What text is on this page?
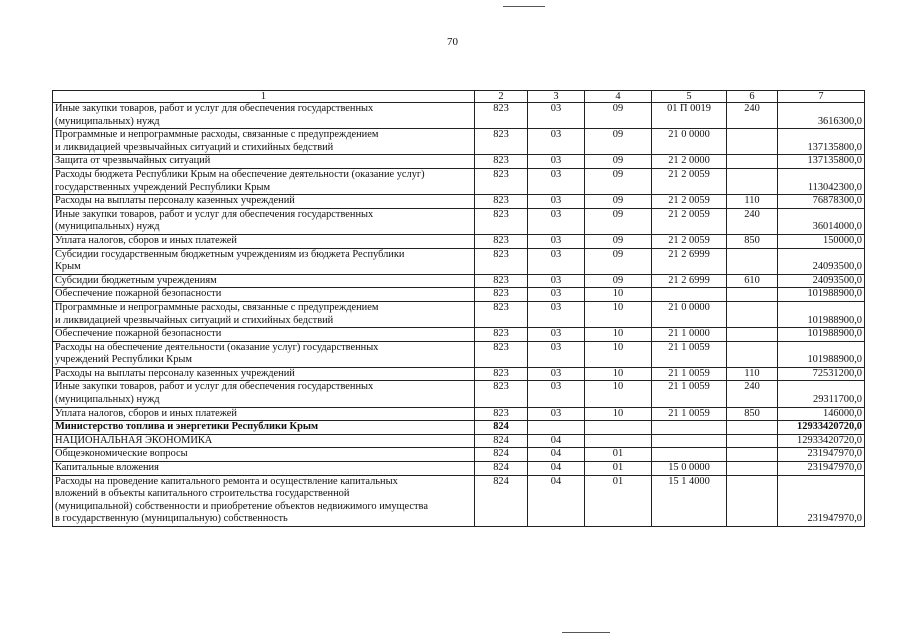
70
1	2	3	4	5	6	7
Иные закупки товаров, работ и услуг для обеспечения государственных
(муниципальных) нужд	823	03	09	01 П 0019	240	3616300,0
Программные и непрограммные расходы, связанные с предупреждением
и ликвидацией чрезвычайных ситуаций и стихийных бедствий	823	03	09	21 0 0000		137135800,0
Защита от чрезвычайных ситуаций	823	03	09	21 2 0000		137135800,0
Расходы бюджета Республики Крым на обеспечение деятельности (оказание услуг)
государственных учреждений Республики Крым	823	03	09	21 2 0059		113042300,0
Расходы на выплаты персоналу казенных учреждений	823	03	09	21 2 0059	110	76878300,0
Иные закупки товаров, работ и услуг для обеспечения государственных
(муниципальных) нужд	823	03	09	21 2 0059	240	36014000,0
Уплата налогов, сборов и иных платежей	823	03	09	21 2 0059	850	150000,0
Субсидии государственным бюджетным учреждениям из бюджета Республики
Крым	823	03	09	21 2 6999		24093500,0
Субсидии бюджетным учреждениям	823	03	09	21 2 6999	610	24093500,0
Обеспечение пожарной безопасности	823	03	10			101988900,0
Программные и непрограммные расходы, связанные с предупреждением
и ликвидацией чрезвычайных ситуаций и стихийных бедствий	823	03	10	21 0 0000		101988900,0
Обеспечение пожарной безопасности	823	03	10	21 1 0000		101988900,0
Расходы на обеспечение деятельности (оказание услуг) государственных
учреждений Республики Крым	823	03	10	21 1 0059		101988900,0
Расходы на выплаты персоналу казенных учреждений	823	03	10	21 1 0059	110	72531200,0
Иные закупки товаров, работ и услуг для обеспечения государственных
(муниципальных) нужд	823	03	10	21 1 0059	240	29311700,0
Уплата налогов, сборов и иных платежей	823	03	10	21 1 0059	850	146000,0
Министерство топлива и энергетики Республики Крым	824					12933420720,0
НАЦИОНАЛЬНАЯ ЭКОНОМИКА	824	04				12933420720,0
Общеэкономические вопросы	824	04	01			231947970,0
Капитальные вложения	824	04	01	15 0 0000		231947970,0
Расходы на проведение капитального ремонта и осуществление капитальных
вложений в объекты капитального строительства государственной
(муниципальной) собственности и приобретение объектов недвижимого имущества
в государственную (муниципальную) собственность	824	04	01	15 1 4000		231947970,0
